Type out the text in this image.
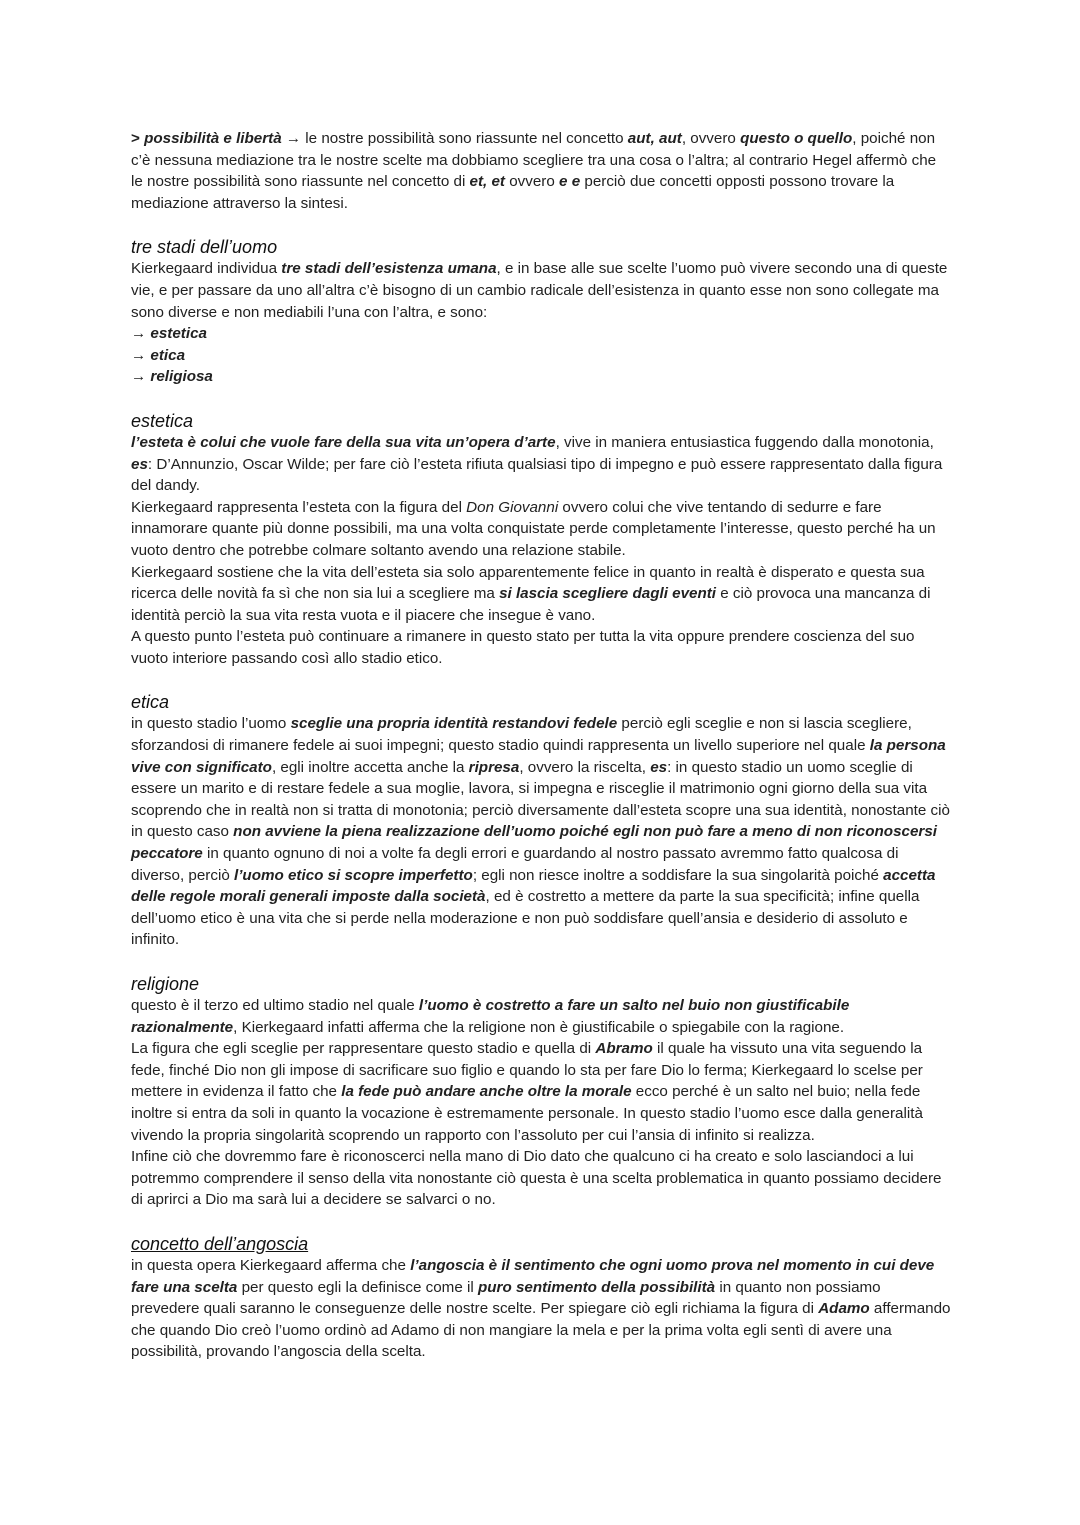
> possibilità e libertà → le nostre possibilità sono riassunte nel concetto aut, aut, ovvero questo o quello, poiché non c’è nessuna mediazione tra le nostre scelte ma dobbiamo scegliere tra una cosa o l’altra; al contrario Hegel affermò che le nostre possibilità sono riassunte nel concetto di et, et ovvero e e perciò due concetti opposti possono trovare la mediazione attraverso la sintesi.

tre stadi dell’uomo

Kierkegaard individua tre stadi dell’esistenza umana, e in base alle sue scelte l’uomo può vivere secondo una di queste vie, e per passare da uno all’altra c’è bisogno di un cambio radicale dell’esistenza in quanto esse non sono collegate ma sono diverse e non mediabili l’una con l’altra, e sono:

→ estetica
→ etica
→ religiosa
estetica

l’esteta è colui che vuole fare della sua vita un’opera d’arte, vive in maniera entusiastica fuggendo dalla monotonia, es: D’Annunzio, Oscar Wilde; per fare ciò l’esteta rifiuta qualsiasi tipo di impegno e può essere rappresentato dalla figura del dandy.

Kierkegaard rappresenta l’esteta con la figura del Don Giovanni ovvero colui che vive tentando di sedurre e fare innamorare quante più donne possibili, ma una volta conquistate perde completamente l’interesse, questo perché ha un vuoto dentro che potrebbe colmare soltanto avendo una relazione stabile.

Kierkegaard sostiene che la vita dell’esteta sia solo apparentemente felice in quanto in realtà è disperato e questa sua ricerca delle novità fa sì che non sia lui a scegliere ma si lascia scegliere dagli eventi e ciò provoca una mancanza di identità perciò la sua vita resta vuota e il piacere che insegue è vano.

A questo punto l’esteta può continuare a rimanere in questo stato per tutta la vita oppure prendere coscienza del suo vuoto interiore passando così allo stadio etico.

etica

in questo stadio l’uomo sceglie una propria identità restandovi fedele perciò egli sceglie e non si lascia scegliere, sforzandosi di rimanere fedele ai suoi impegni; questo stadio quindi rappresenta un livello superiore nel quale la persona vive con significato, egli inoltre accetta anche la ripresa, ovvero la riscelta, es: in questo stadio un uomo sceglie di essere un marito e di restare fedele a sua moglie, lavora, si impegna e risceglie il matrimonio ogni giorno della sua vita scoprendo che in realtà non si tratta di monotonia; perciò diversamente dall’esteta scopre una sua identità, nonostante ciò in questo caso non avviene la piena realizzazione dell’uomo poiché egli non può fare a meno di non riconoscersi peccatore in quanto ognuno di noi a volte fa degli errori e guardando al nostro passato avremmo fatto qualcosa di diverso, perciò l’uomo etico si scopre imperfetto; egli non riesce inoltre a soddisfare la sua singolarità poiché accetta delle regole morali generali imposte dalla società, ed è costretto a mettere da parte la sua specificità; infine quella dell’uomo etico è una vita che si perde nella moderazione e non può soddisfare quell’ansia e desiderio di assoluto e infinito.

religione

questo è il terzo ed ultimo stadio nel quale l’uomo è costretto a fare un salto nel buio non giustificabile razionalmente, Kierkegaard infatti afferma che la religione non è giustificabile o spiegabile con la ragione.

La figura che egli sceglie per rappresentare questo stadio e quella di Abramo il quale ha vissuto una vita seguendo la fede, finché Dio non gli impose di sacrificare suo figlio e quando lo sta per fare Dio lo ferma; Kierkegaard lo scelse per mettere in evidenza il fatto che la fede può andare anche oltre la morale ecco perché è un salto nel buio; nella fede inoltre si entra da soli in quanto la vocazione è estremamente personale. In questo stadio l’uomo esce dalla generalità vivendo la propria singolarità scoprendo un rapporto con l’assoluto per cui l’ansia di infinito si realizza.

Infine ciò che dovremmo fare è riconoscerci nella mano di Dio dato che qualcuno ci ha creato e solo lasciandoci a lui potremmo comprendere il senso della vita nonostante ciò questa è una scelta problematica in quanto possiamo decidere di aprirci a Dio ma sarà lui a decidere se salvarci o no.

concetto dell’angoscia

in questa opera Kierkegaard afferma che l’angoscia è il sentimento che ogni uomo prova nel momento in cui deve fare una scelta per questo egli la definisce come il puro sentimento della possibilità in quanto non possiamo prevedere quali saranno le conseguenze delle nostre scelte. Per spiegare ciò egli richiama la figura di Adamo affermando che quando Dio creò l’uomo ordinò ad Adamo di non mangiare la mela e per la prima volta egli sentì di avere una possibilità, provando l’angoscia della scelta.
